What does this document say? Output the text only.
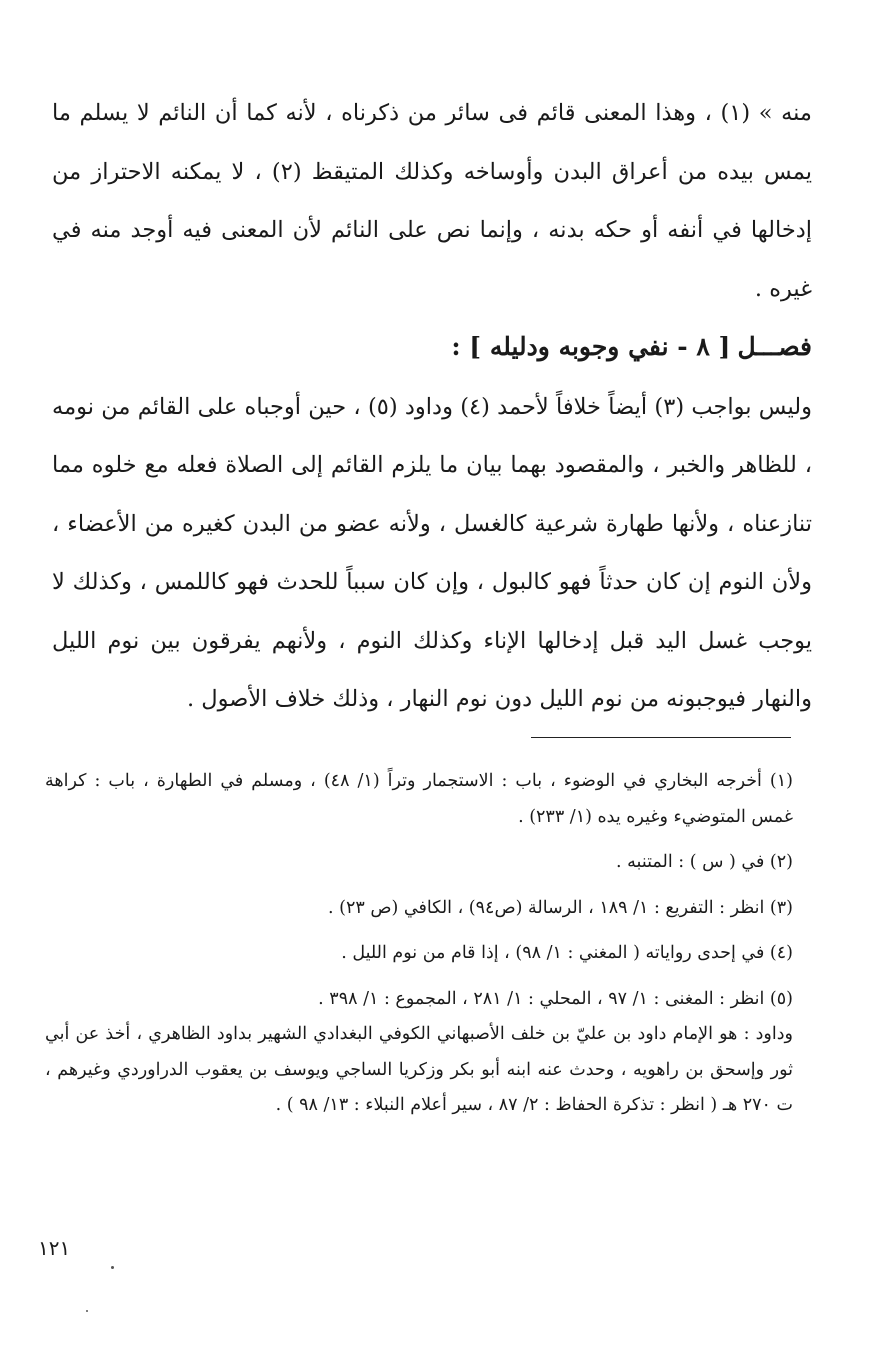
منه » (١) ، وهذا المعنى قائم فى سائر من ذكرناه ، لأنه كما أن النائم لا يسلم ما يمس بيده من أعراق البدن وأوساخه وكذلك المتيقظ (٢) ، لا يمكنه الاحتراز من إدخالها في أنفه أو حكه بدنه ، وإنما نص على النائم لأن المعنى فيه أوجد منه في غيره .

فصـــل [ ٨ - نفي وجوبه ودليله ] :

وليس بواجب (٣) أيضاً خلافاً لأحمد (٤) وداود (٥) ، حين أوجباه على القائم من نومه ، للظاهر والخبر ، والمقصود بهما بيان ما يلزم القائم إلى الصلاة فعله مع خلوه مما تنازعناه ، ولأنها طهارة شرعية كالغسل ، ولأنه عضو من البدن كغيره من الأعضاء ، ولأن النوم إن كان حدثاً فهو كالبول ، وإن كان سبباً للحدث فهو كاللمس ، وكذلك لا يوجب غسل اليد قبل إدخالها الإناء وكذلك النوم ، ولأنهم يفرقون بين نوم الليل والنهار فيوجبونه من نوم الليل دون نوم النهار ، وذلك خلاف الأصول .

(١) أخرجه البخاري في الوضوء ، باب : الاستجمار وتراً (١/ ٤٨) ، ومسلم في الطهارة ، باب : كراهة غمس المتوضيء وغيره يده (١/ ٢٣٣) .

(٢) في ( س ) : المتنبه .

(٣) انظر : التفريع : ١/ ١٨٩ ، الرسالة (ص٩٤) ، الكافي (ص ٢٣) .

(٤) في إحدى رواياته ( المغني : ١/ ٩٨) ، إذا قام من نوم الليل .

(٥) انظر : المغنى : ١/ ٩٧ ، المحلي : ١/ ٢٨١ ، المجموع : ١/ ٣٩٨ .

وداود : هو الإمام داود بن عليّ بن خلف الأصبهاني الكوفي البغدادي الشهير بداود الظاهري ، أخذ عن أبي ثور وإسحق بن راهويه ، وحدث عنه ابنه أبو بكر وزكريا الساجي ويوسف بن يعقوب الدراوردي وغيرهم ، ت ٢٧٠ هـ ( انظر : تذكرة الحفاظ : ٢/ ٨٧ ، سير أعلام النبلاء : ١٣/ ٩٨ ) .

١٢١
